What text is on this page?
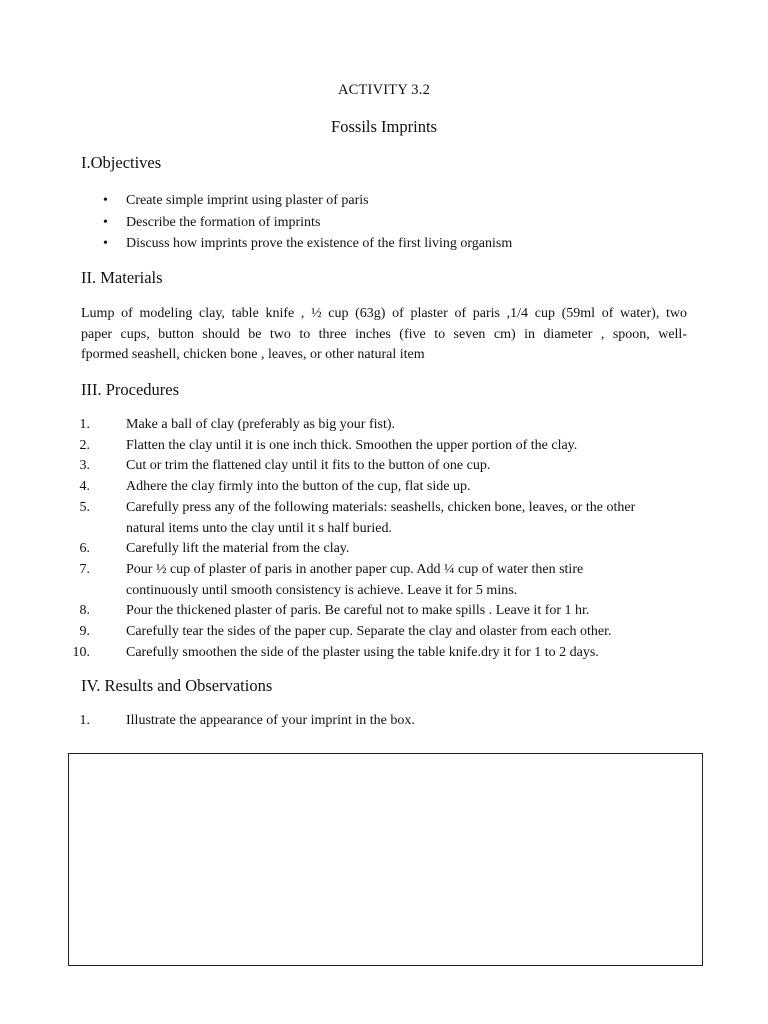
ACTIVITY 3.2
Fossils Imprints
I.Objectives
• Create simple imprint using plaster of paris
• Describe the formation of imprints
• Discuss how imprints prove the existence of the first living organism
II. Materials
Lump of modeling clay, table knife , ½ cup (63g) of plaster of paris ,1/4 cup (59ml of water), two
paper cups, button should be two to three inches (five to seven cm) in diameter , spoon, well-
fpormed seashell, chicken bone , leaves, or other natural item
III. Procedures
1.	Make a ball of clay (preferably as big your fist).
2.	Flatten the clay until it is one inch thick. Smoothen the upper portion of the clay.
3.	Cut or trim the flattened clay until it fits to the button of one cup.
4.	Adhere the clay firmly into the button of the cup, flat side up.
5.	Carefully press any of the following materials: seashells, chicken bone, leaves, or the other
natural items unto the clay until it s half buried.
6.	Carefully lift the material from the clay.
7.	Pour ½ cup of plaster of paris in another paper cup. Add ¼ cup of water then stire
continuously until smooth consistency is achieve. Leave it for 5 mins.
8.	Pour the thickened plaster of paris. Be careful not to make spills . Leave it for 1 hr.
9.	Carefully tear the sides of the paper cup. Separate the clay and olaster from each other.
10.	Carefully smoothen the side of the plaster using the table knife.dry it for 1 to 2 days.
IV. Results and Observations
1.	Illustrate the appearance of your imprint in the box.
